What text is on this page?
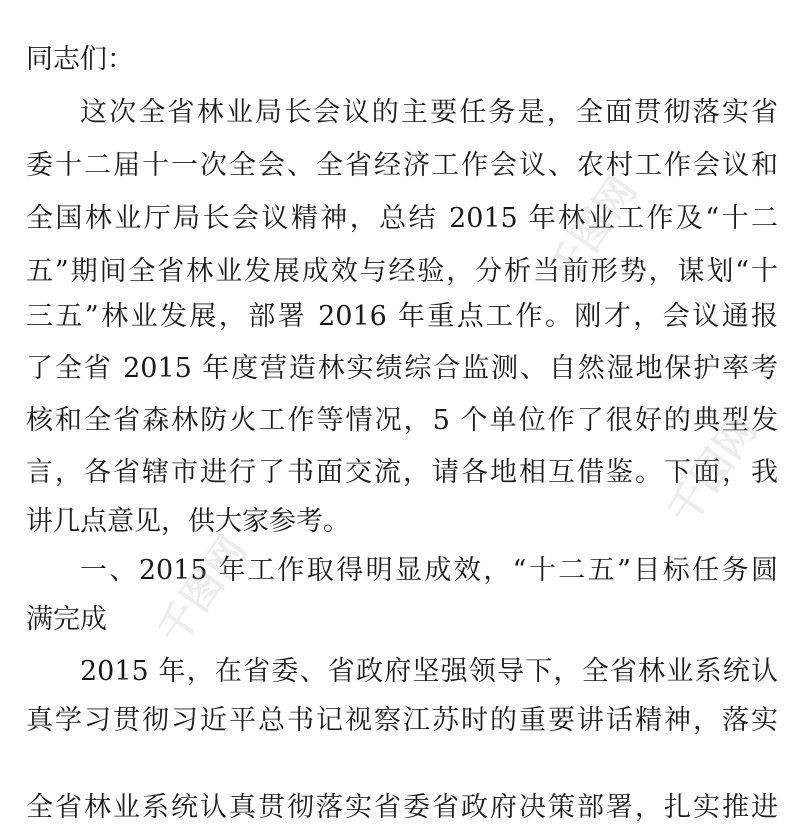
同志们：
这次全省林业局长会议的主要任务是，全面贯彻落实省
委十二届十一次全会、全省经济工作会议、农村工作会议和
全国林业厅局长会议精神，总结 2015 年林业工作及“十二
五”期间全省林业发展成效与经验，分析当前形势，谋划“十
三五”林业发展，部署 2016 年重点工作。刚才，会议通报
了全省 2015 年度营造林实绩综合监测、自然湿地保护率考
核和全省森林防火工作等情况，5 个单位作了很好的典型发
言，各省辖市进行了书面交流，请各地相互借鉴。下面，我
讲几点意见，供大家参考。
一、2015 年工作取得明显成效，“十二五”目标任务圆
满完成
2015 年，在省委、省政府坚强领导下，全省林业系统认
真学习贯彻习近平总书记视察江苏时的重要讲话精神，落实
全省林业系统认真贯彻落实省委省政府决策部署，扎实推进
千图网
千图网
千图网
